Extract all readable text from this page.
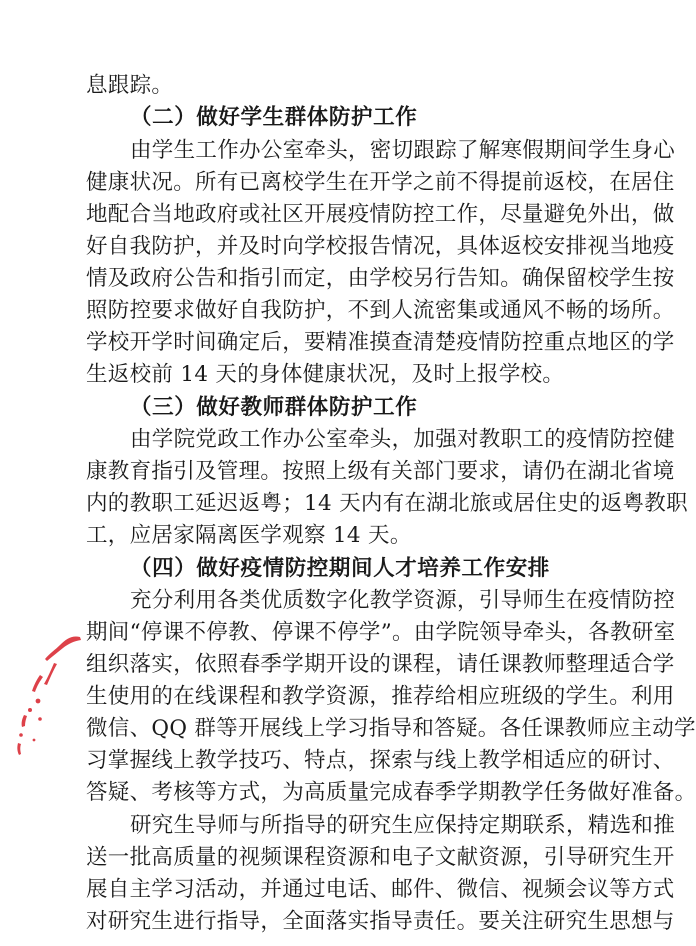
息跟踪。
（二）做好学生群体防护工作
由学生工作办公室牵头，密切跟踪了解寒假期间学生身心
健康状况。所有已离校学生在开学之前不得提前返校，在居住
地配合当地政府或社区开展疫情防控工作，尽量避免外出，做
好自我防护，并及时向学校报告情况，具体返校安排视当地疫
情及政府公告和指引而定，由学校另行告知。确保留校学生按
照防控要求做好自我防护，不到人流密集或通风不畅的场所。
学校开学时间确定后，要精准摸查清楚疫情防控重点地区的学
生返校前 14 天的身体健康状况，及时上报学校。
（三）做好教师群体防护工作
由学院党政工作办公室牵头，加强对教职工的疫情防控健
康教育指引及管理。按照上级有关部门要求，请仍在湖北省境
内的教职工延迟返粤；14 天内有在湖北旅或居住史的返粤教职
工，应居家隔离医学观察 14 天。
（四）做好疫情防控期间人才培养工作安排
充分利用各类优质数字化教学资源，引导师生在疫情防控
期间“停课不停教、停课不停学”。由学院领导牵头，各教研室
组织落实，依照春季学期开设的课程，请任课教师整理适合学
生使用的在线课程和教学资源，推荐给相应班级的学生。利用
微信、QQ 群等开展线上学习指导和答疑。各任课教师应主动学
习掌握线上教学技巧、特点，探索与线上教学相适应的研讨、
答疑、考核等方式，为高质量完成春季学期教学任务做好准备。
研究生导师与所指导的研究生应保持定期联系，精选和推
送一批高质量的视频课程资源和电子文献资源，引导研究生开
展自主学习活动，并通过电话、邮件、微信、视频会议等方式
对研究生进行指导，全面落实指导责任。要关注研究生思想与
